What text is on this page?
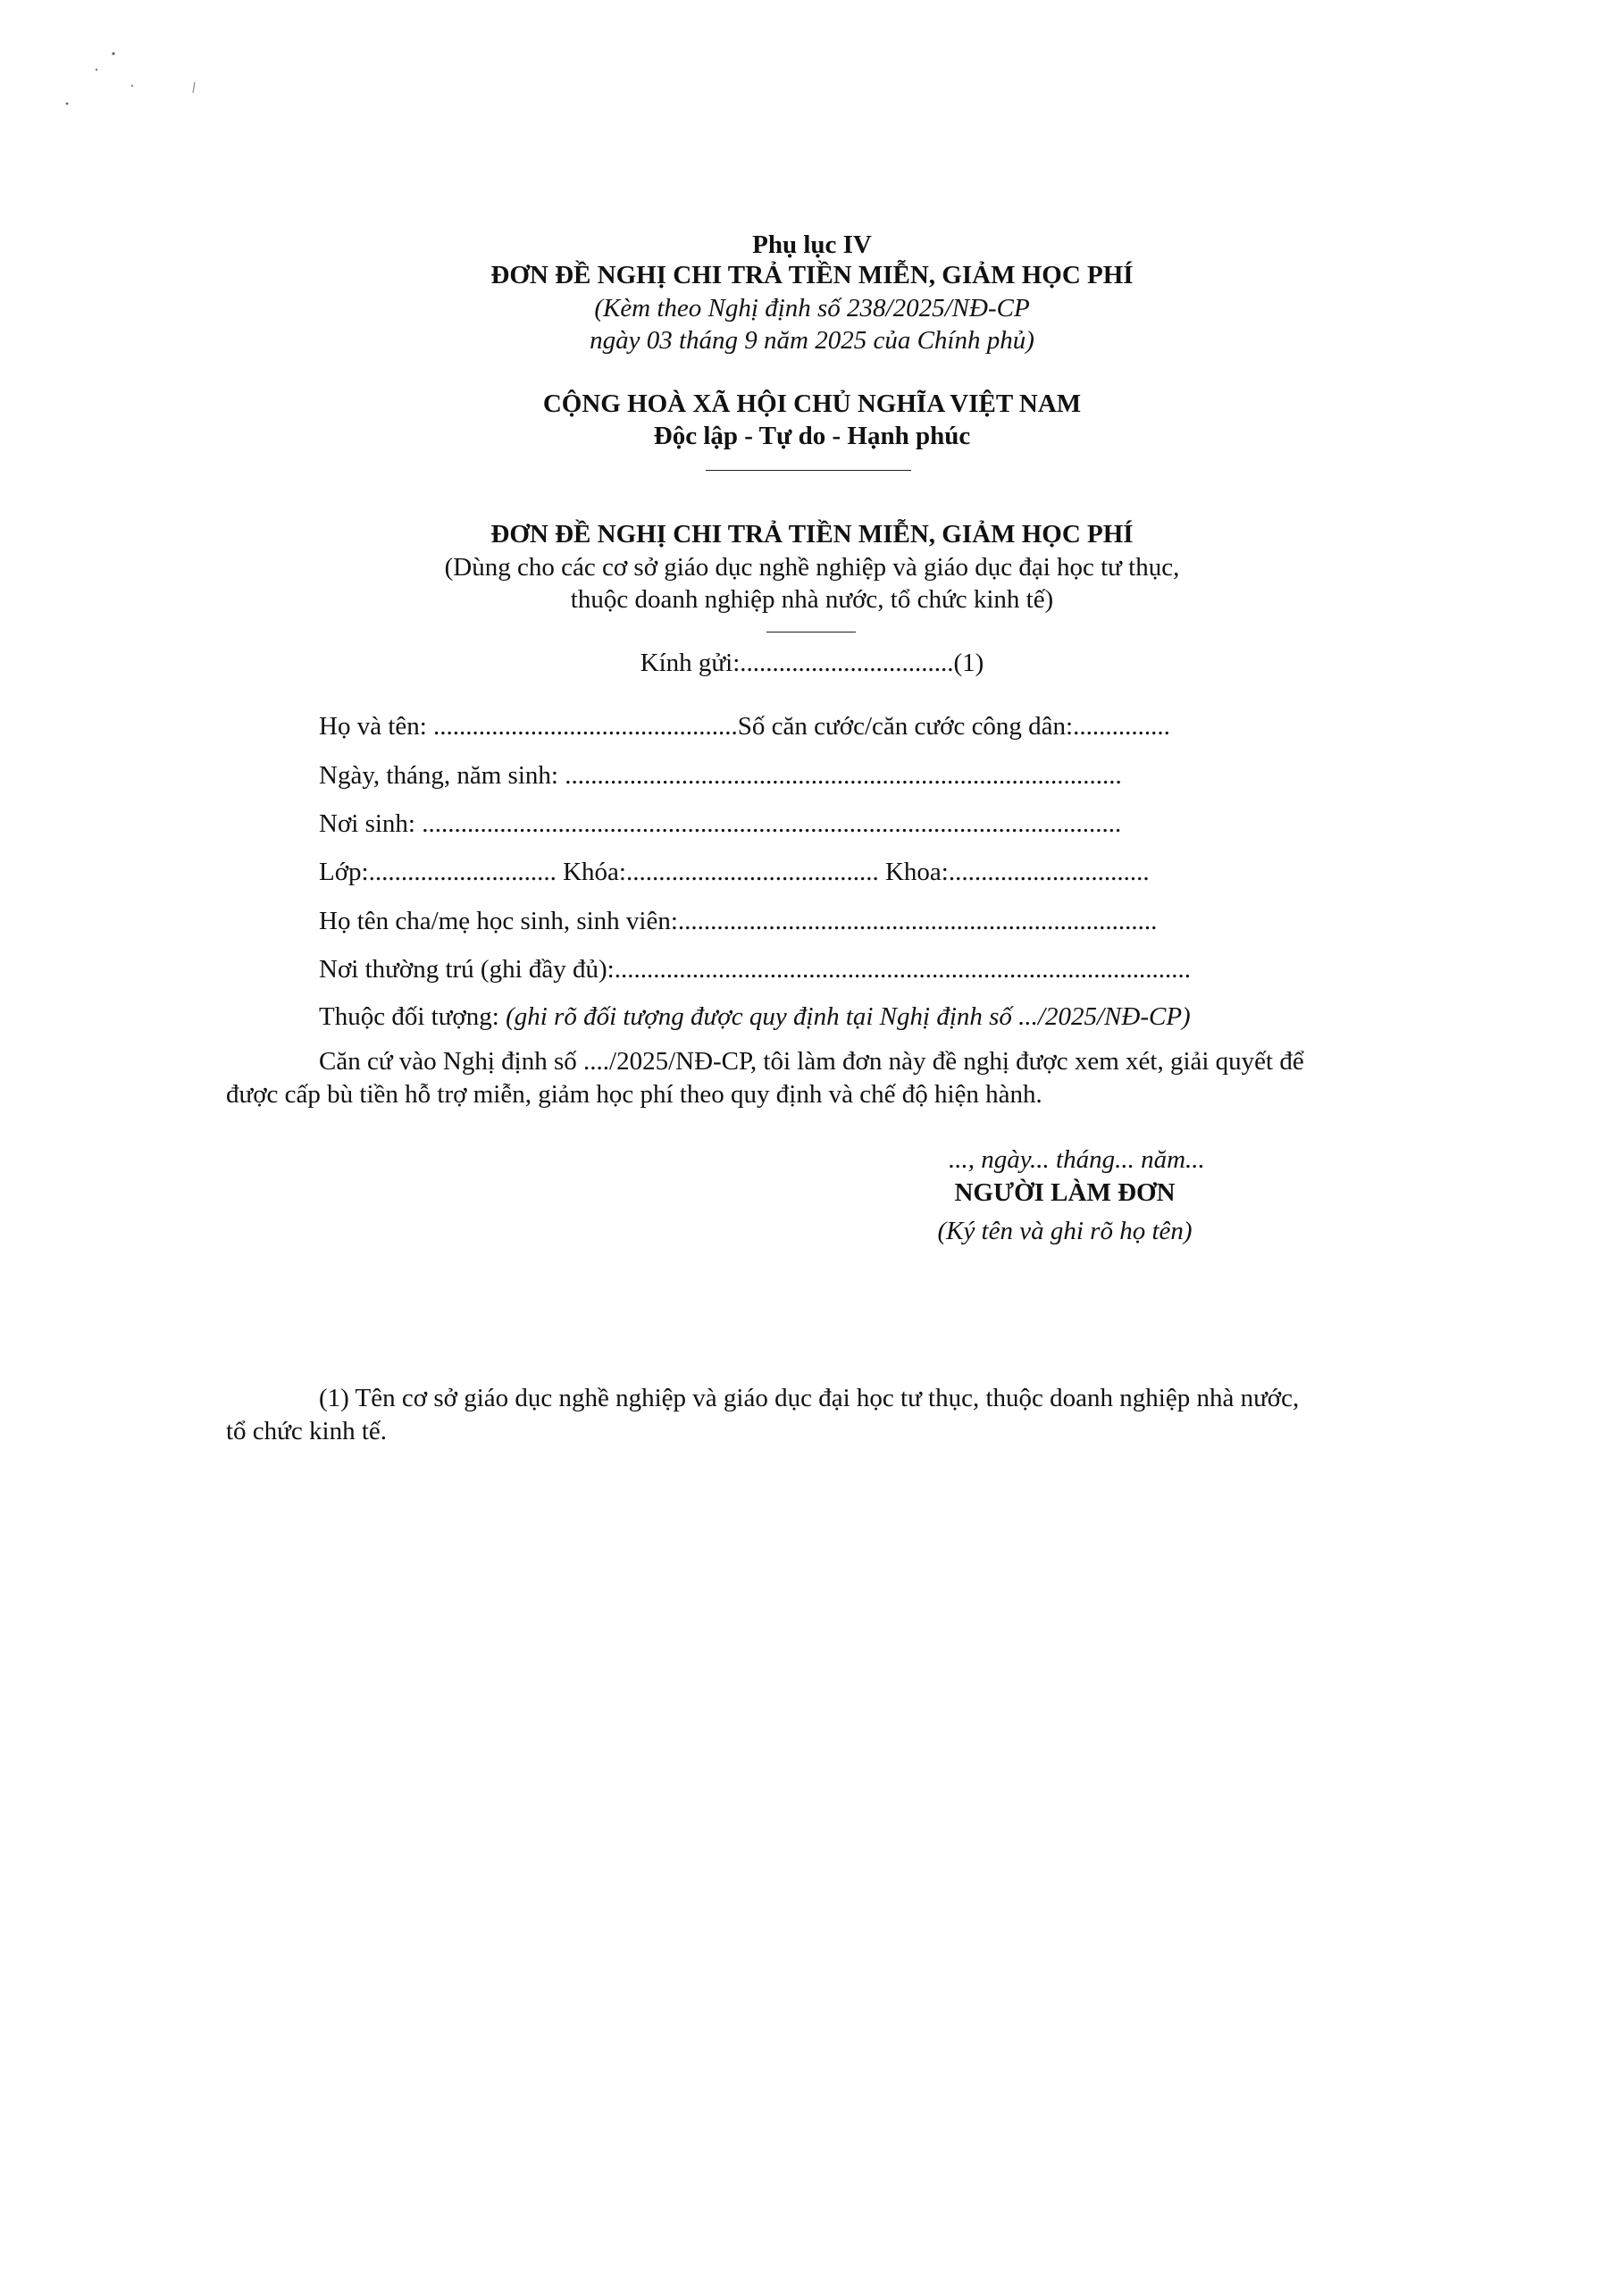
Phụ lục IV
ĐƠN ĐỀ NGHỊ CHI TRẢ TIỀN MIỄN, GIẢM HỌC PHÍ
(Kèm theo Nghị định số 238/2025/NĐ-CP
ngày 03 tháng 9 năm 2025 của Chính phủ)
CỘNG HOÀ XÃ HỘI CHỦ NGHĨA VIỆT NAM
Độc lập - Tự do - Hạnh phúc
ĐƠN ĐỀ NGHỊ CHI TRẢ TIỀN MIỄN, GIẢM HỌC PHÍ
(Dùng cho các cơ sở giáo dục nghề nghiệp và giáo dục đại học tư thục,
thuộc doanh nghiệp nhà nước, tổ chức kinh tế)
Kính gửi:.................................(1)
Họ và tên: ...............................................Số căn cước/căn cước công dân:...............
Ngày, tháng, năm sinh: ......................................................................................
Nơi sinh: ............................................................................................................
Lớp:............................. Khóa:....................................... Khoa:...............................
Họ tên cha/mẹ học sinh, sinh viên:..........................................................................
Nơi thường trú (ghi đầy đủ):.........................................................................................
Thuộc đối tượng: (ghi rõ đối tượng được quy định tại Nghị định số .../2025/NĐ-CP)
Căn cứ vào Nghị định số ..../2025/NĐ-CP, tôi làm đơn này đề nghị được xem xét, giải quyết để
được cấp bù tiền hỗ trợ miễn, giảm học phí theo quy định và chế độ hiện hành.
..., ngày... tháng... năm...
NGƯỜI LÀM ĐƠN
(Ký tên và ghi rõ họ tên)
(1) Tên cơ sở giáo dục nghề nghiệp và giáo dục đại học tư thục, thuộc doanh nghiệp nhà nước,
tổ chức kinh tế.
